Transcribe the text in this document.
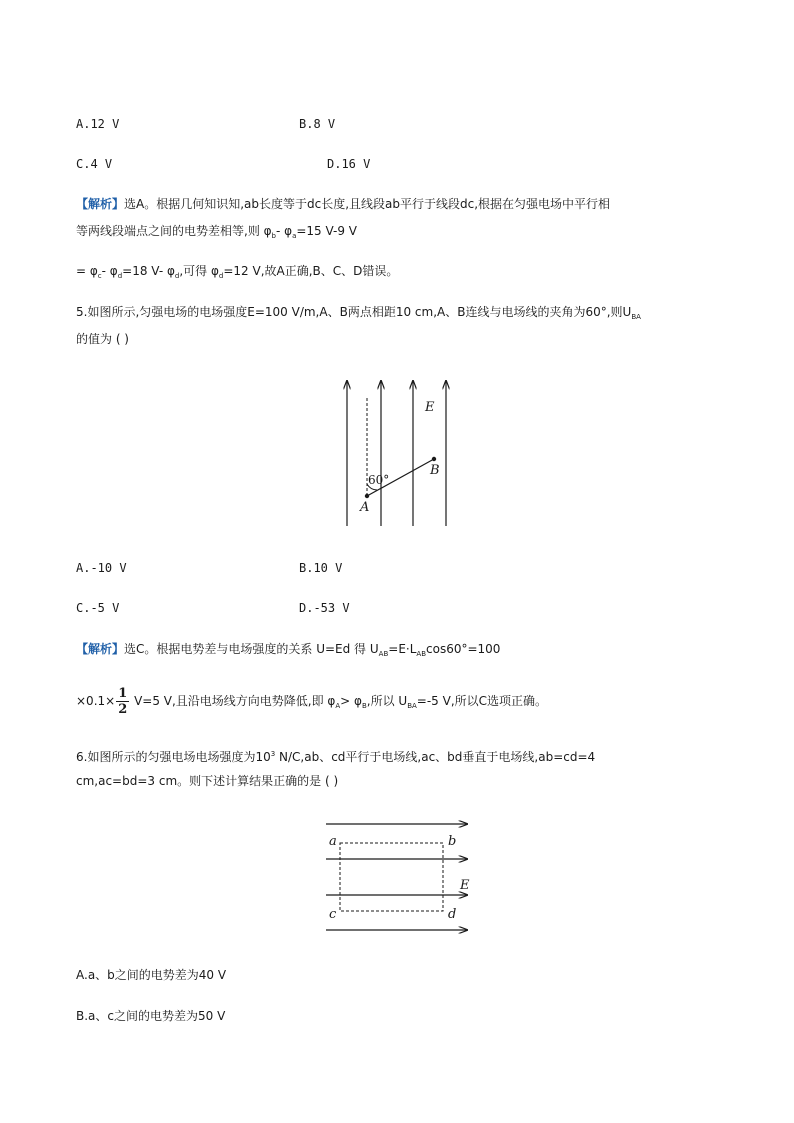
A.12 V	B.8 V
C.4 V	D.16 V
【解析】选A。根据几何知识知,ab长度等于dc长度,且线段ab平行于线段dc,根据在匀强电场中平行相
等两线段端点之间的电势差相等,则 $\varphi_b-$ $\varphi_a=15$ V-9 V
= $\varphi_c-$ $\varphi_d=18$ V- $\varphi_d$,可得 $\varphi_d=12$ V,故A正确,B、C、D错误。
5.如图所示,匀强电场的电场强度E=100 V/m,A、B两点相距10 cm,A、B连线与电场线的夹角为60°,则$U_{BA}$
的值为 ( )
E
A
B
60°
A.-10 V	B.10 V
C.-5 V	D.-53 V
【解析】选C。根据电势差与电场强度的关系 U=Ed 得 $U_{AB}=E\cdot L_{AB}\cos 60^\circ=100$
$\times 0.1\times \frac{1}{2} V=5$ V,且沿电场线方向电势降低,即 $\varphi_A> \varphi_B$,所以 $U_{BA}=-5$ V,所以C选项正确。
6.如图所示的匀强电场电场强度为$10^3$ N/C,ab、cd平行于电场线,ac、bd垂直于电场线,ab=cd=4
cm,ac=bd=3 cm。则下述计算结果正确的是 ( )
a	b
c	d
E
A.a、b之间的电势差为40 V
B.a、c之间的电势差为50 V
